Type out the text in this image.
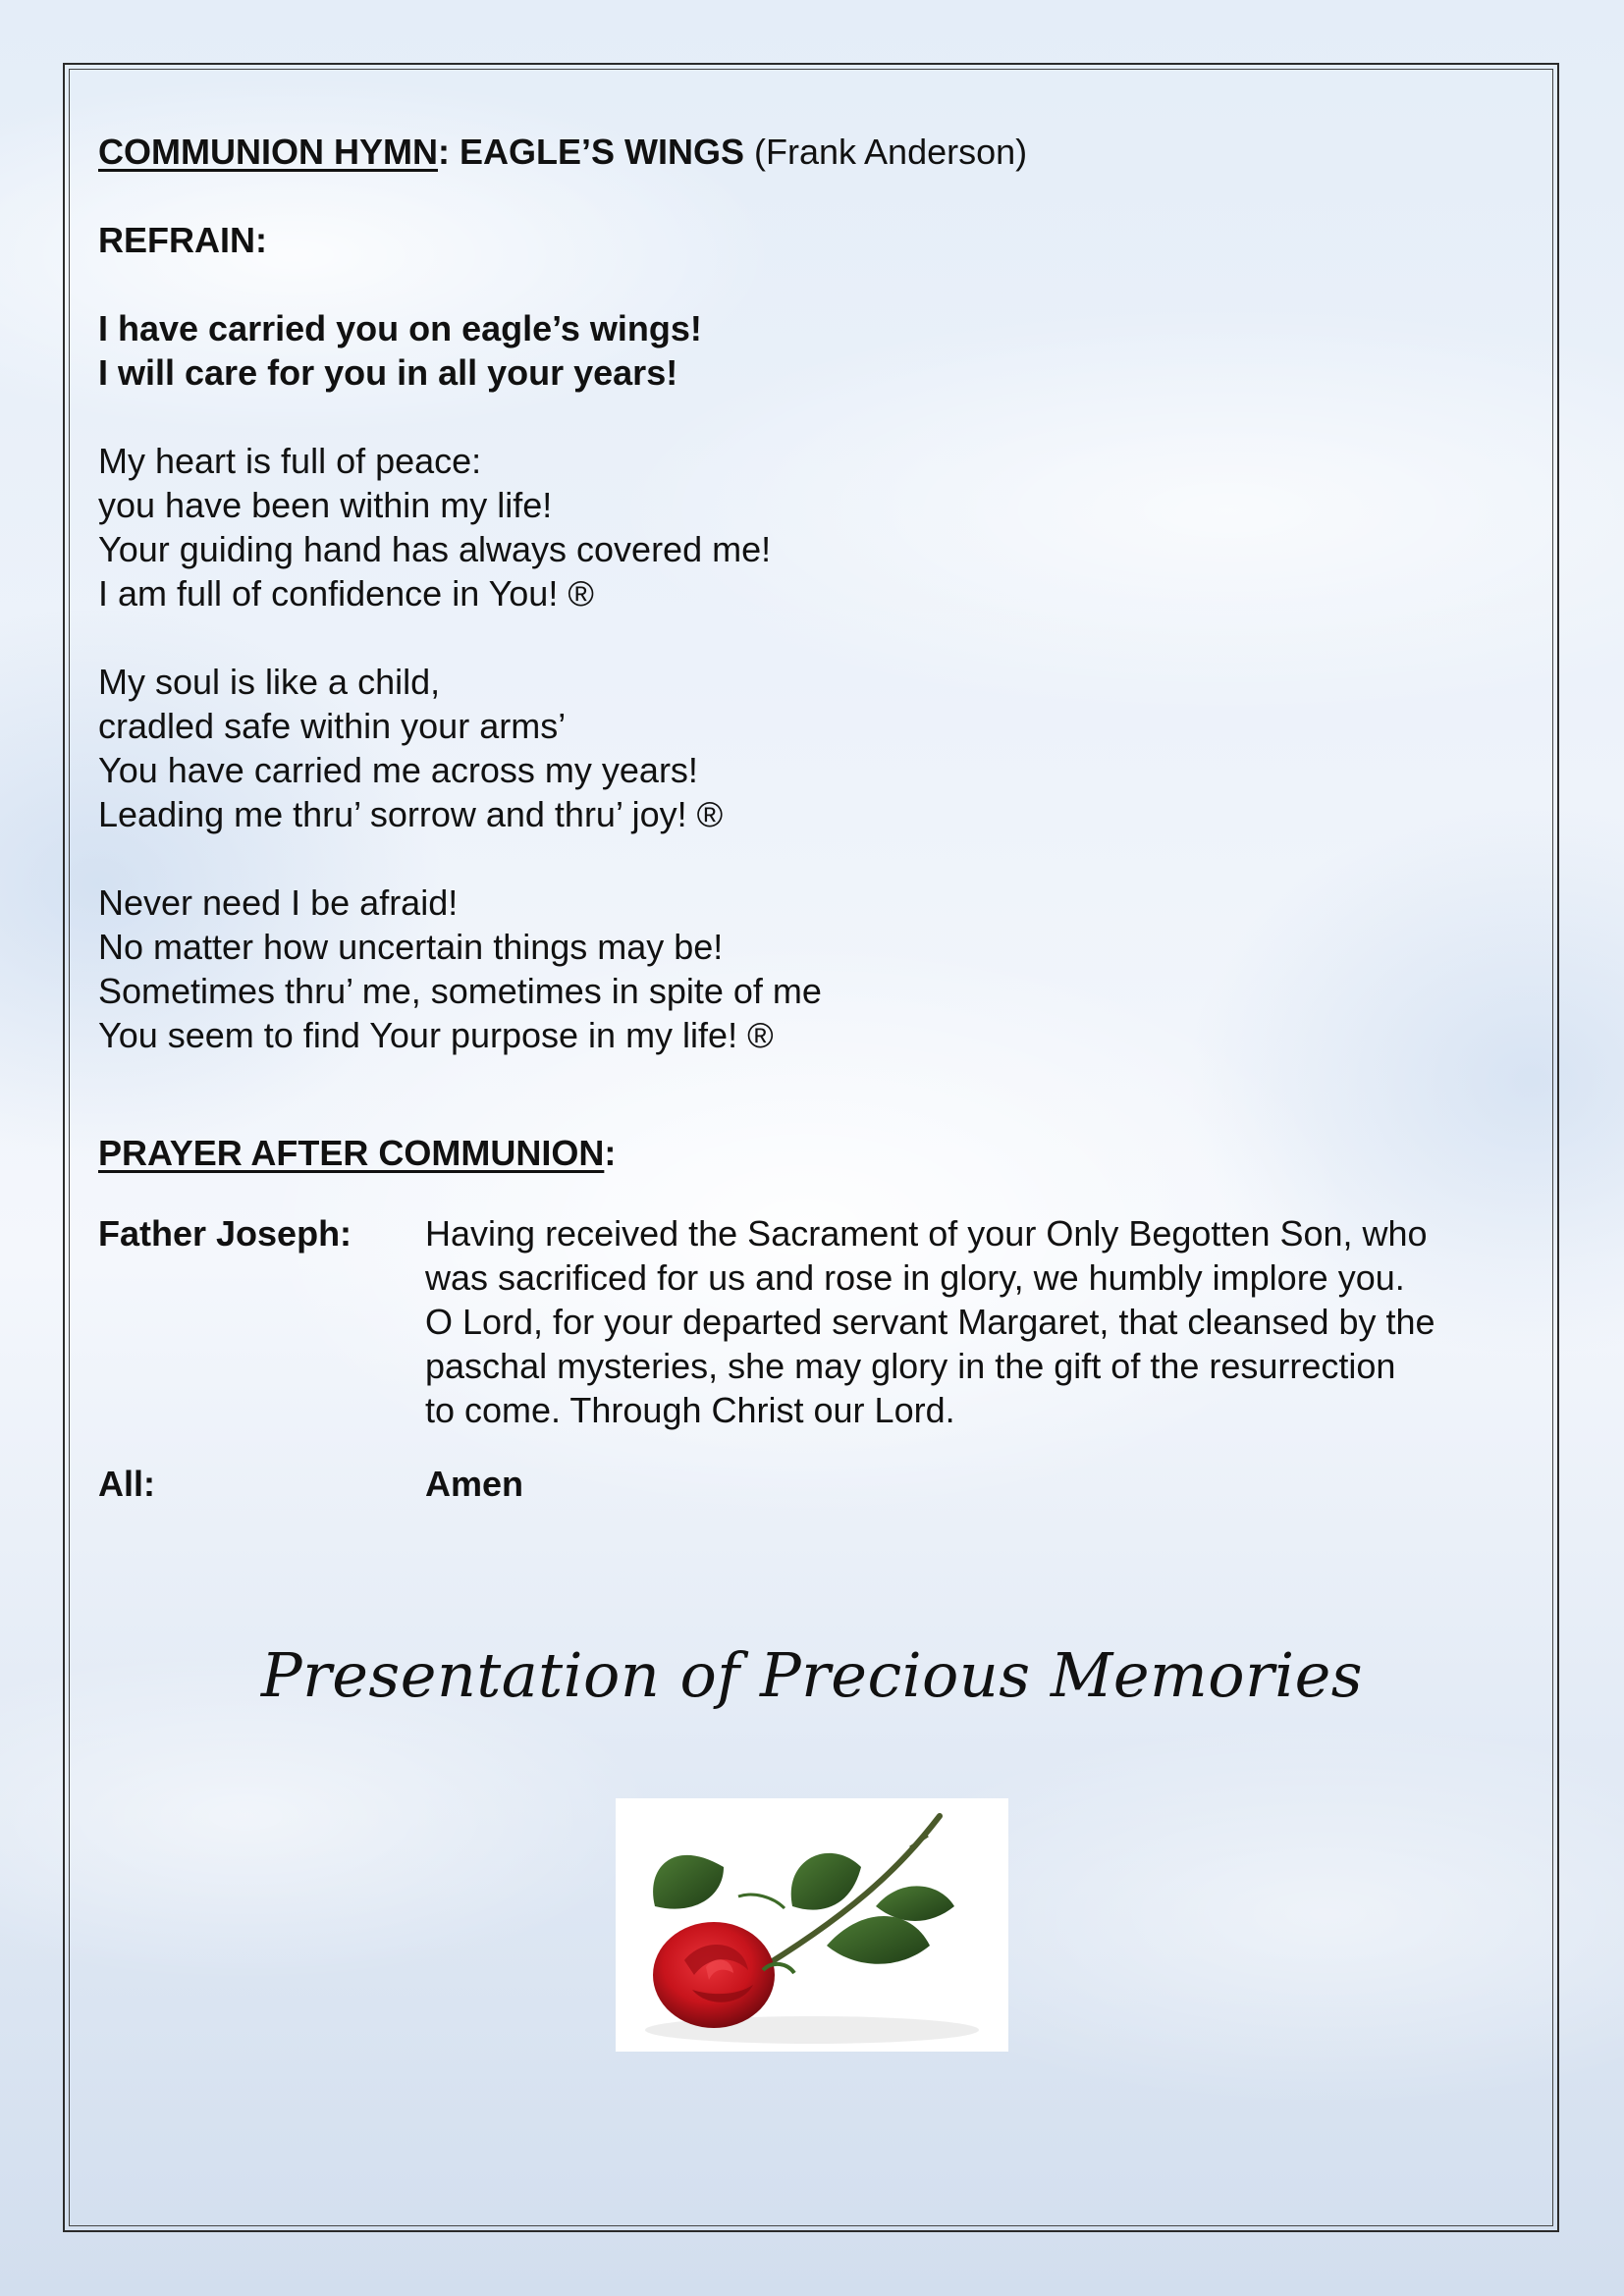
COMMUNION HYMN: EAGLE’S WINGS (Frank Anderson)

REFRAIN:

I have carried you on eagle’s wings!
I will care for you in all your years!

My heart is full of peace:
you have been within my life!
Your guiding hand has always covered me!
I am full of confidence in You! ®

My soul is like a child,
cradled safe within your arms’
You have carried me across my years!
Leading me thru’ sorrow and thru’ joy! ®

Never need I be afraid!
No matter how uncertain things may be!
Sometimes thru’ me, sometimes in spite of me
You seem to find Your purpose in my life! ®

PRAYER AFTER COMMUNION:

Father Joseph:	Having received the Sacrament of your Only Begotten Son, who
was sacrificed for us and rose in glory, we humbly implore you.
O Lord, for your departed servant Margaret, that cleansed by the
paschal mysteries, she may glory in the gift of the resurrection
to come. Through Christ our Lord.
All:	Amen
Presentation of Precious Memories
